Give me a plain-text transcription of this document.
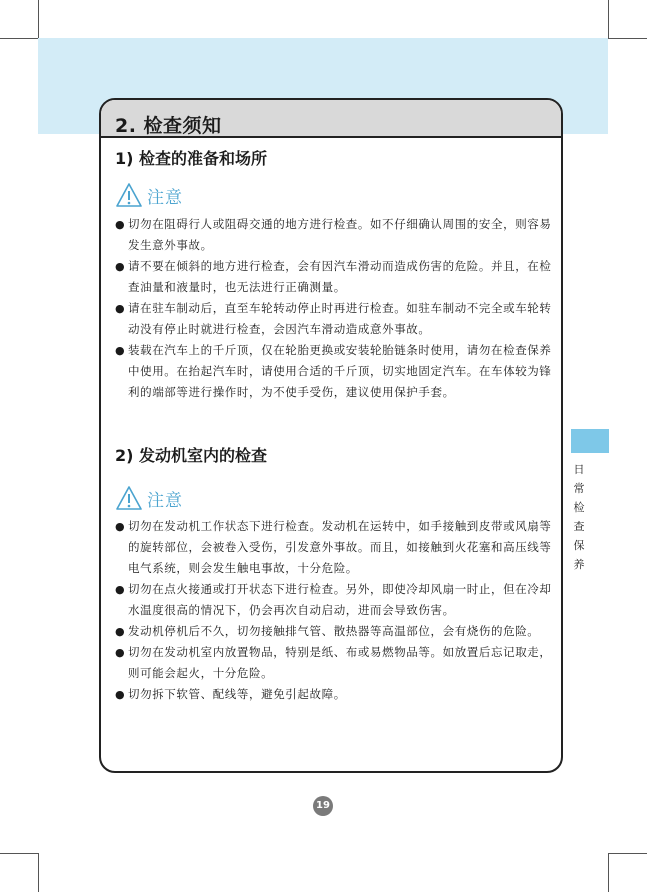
2. 检查须知
1) 检查的准备和场所
注意
● 切勿在阻碍行人或阻碍交通的地方进行检查。如不仔细确认周围的安全，则容易发生意外事故。
● 请不要在倾斜的地方进行检查，会有因汽车滑动而造成伤害的危险。并且，在检查油量和液量时，也无法进行正确测量。
● 请在驻车制动后，直至车轮转动停止时再进行检查。如驻车制动不完全或车轮转动没有停止时就进行检查，会因汽车滑动造成意外事故。
● 装载在汽车上的千斤顶，仅在轮胎更换或安装轮胎链条时使用，请勿在检查保养中使用。在抬起汽车时，请使用合适的千斤顶，切实地固定汽车。在车体较为锋利的端部等进行操作时，为不使手受伤，建议使用保护手套。
2) 发动机室内的检查
注意
● 切勿在发动机工作状态下进行检查。发动机在运转中，如手接触到皮带或风扇等的旋转部位，会被卷入受伤，引发意外事故。而且，如接触到火花塞和高压线等电气系统，则会发生触电事故，十分危险。
● 切勿在点火接通或打开状态下进行检查。另外，即使冷却风扇一时止，但在冷却水温度很高的情况下，仍会再次自动启动，进而会导致伤害。
● 发动机停机后不久，切勿接触排气管、散热器等高温部位，会有烧伤的危险。
● 切勿在发动机室内放置物品，特别是纸、布或易燃物品等。如放置后忘记取走，则可能会起火，十分危险。
● 切勿拆下软管、配线等，避免引起故障。
日
常
检
查
保
养
19
